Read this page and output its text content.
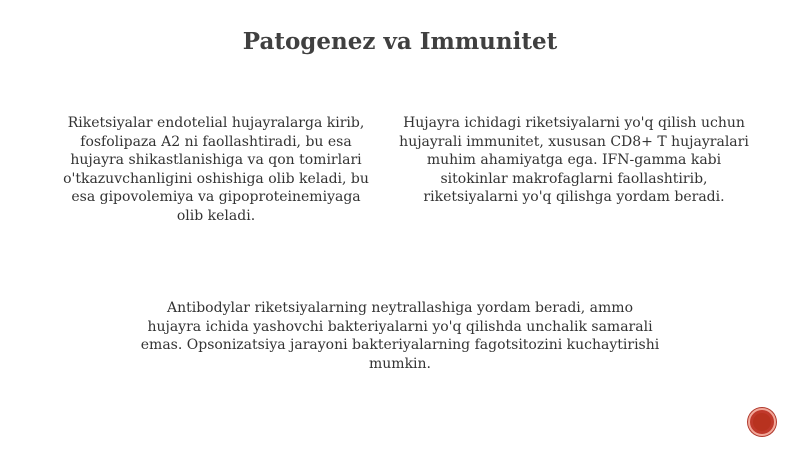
Patogenez va Immunitet
Riketsiyalar endotelial hujayralarga kirib, fosfolipaza A2 ni faollashtiradi, bu esa hujayra shikastlanishiga va qon tomirlari o'tkazuvchanligini oshishiga olib keladi, bu esa gipovolemiya va gipoproteinemiyaga olib keladi.
Hujayra ichidagi riketsiyalarni yo'q qilish uchun hujayrali immunitet, xususan CD8+ T hujayralari muhim ahamiyatga ega. IFN-gamma kabi sitokinlar makrofaglarni faollashtirib, riketsiyalarni yo'q qilishga yordam beradi.
Antibodylar riketsiyalarning neytrallashiga yordam beradi, ammo hujayra ichida yashovchi bakteriyalarni yo'q qilishda unchalik samarali emas. Opsonizatsiya jarayoni bakteriyalarning fagotsitozini kuchaytirishi mumkin.
